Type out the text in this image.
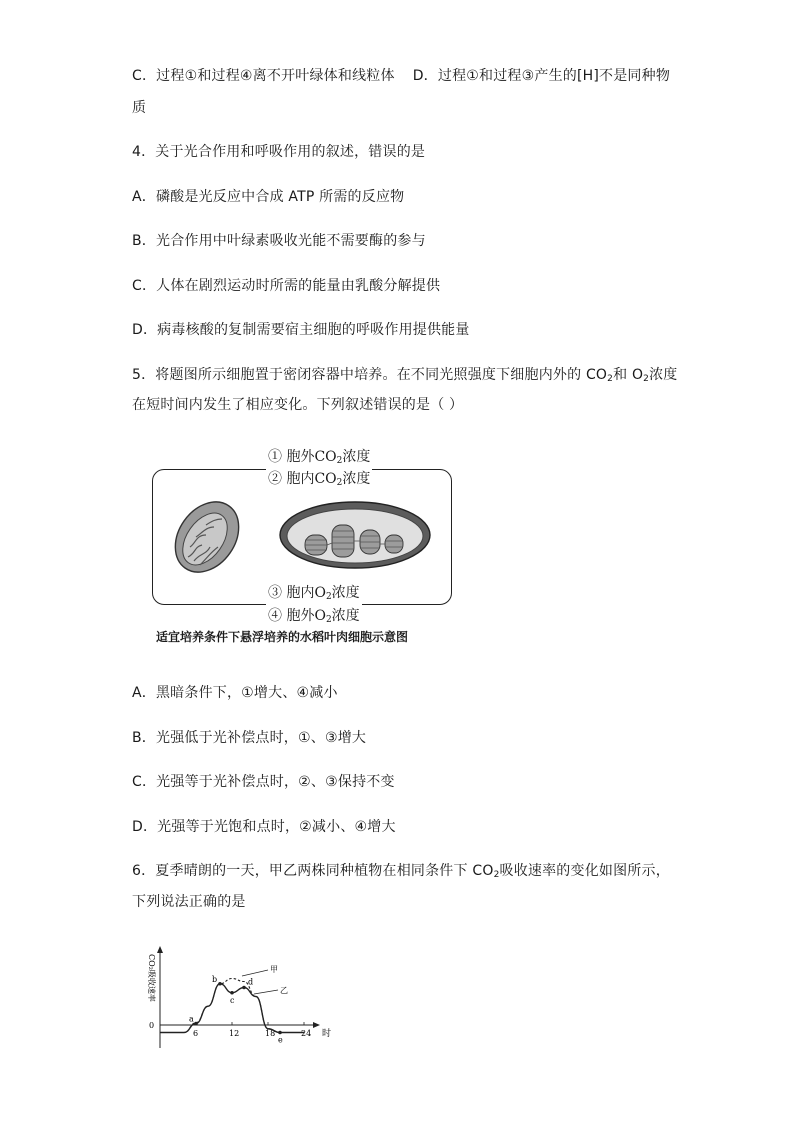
C．过程①和过程④离不开叶绿体和线粒体 D．过程①和过程③产生的[H]不是同种物
质
4．关于光合作用和呼吸作用的叙述，错误的是
A．磷酸是光反应中合成 ATP 所需的反应物
B．光合作用中叶绿素吸收光能不需要酶的参与
C．人体在剧烈运动时所需的能量由乳酸分解提供
D．病毒核酸的复制需要宿主细胞的呼吸作用提供能量
5．将题图所示细胞置于密闭容器中培养。在不同光照强度下细胞内外的 $CO_2$和 $O_2$浓度
在短时间内发生了相应变化。下列叙述错误的是（ ）
① 胞外$CO_2$浓度
② 胞内$CO_2$浓度
③ 胞内$O_2$浓度
④ 胞外$O_2$浓度
适宜培养条件下悬浮培养的水稻叶肉细胞示意图
A．黑暗条件下，①增大、④减小
B．光强低于光补偿点时，①、③增大
C．光强等于光补偿点时，②、③保持不变
D．光强等于光饱和点时，②减小、④增大
6．夏季晴朗的一天，甲乙两株同种植物在相同条件下 $CO_2$吸收速率的变化如图所示，
下列说法正确的是
CO₂吸收速率
时
0
6	12	18	24
a
b
c
d
e
甲
乙
